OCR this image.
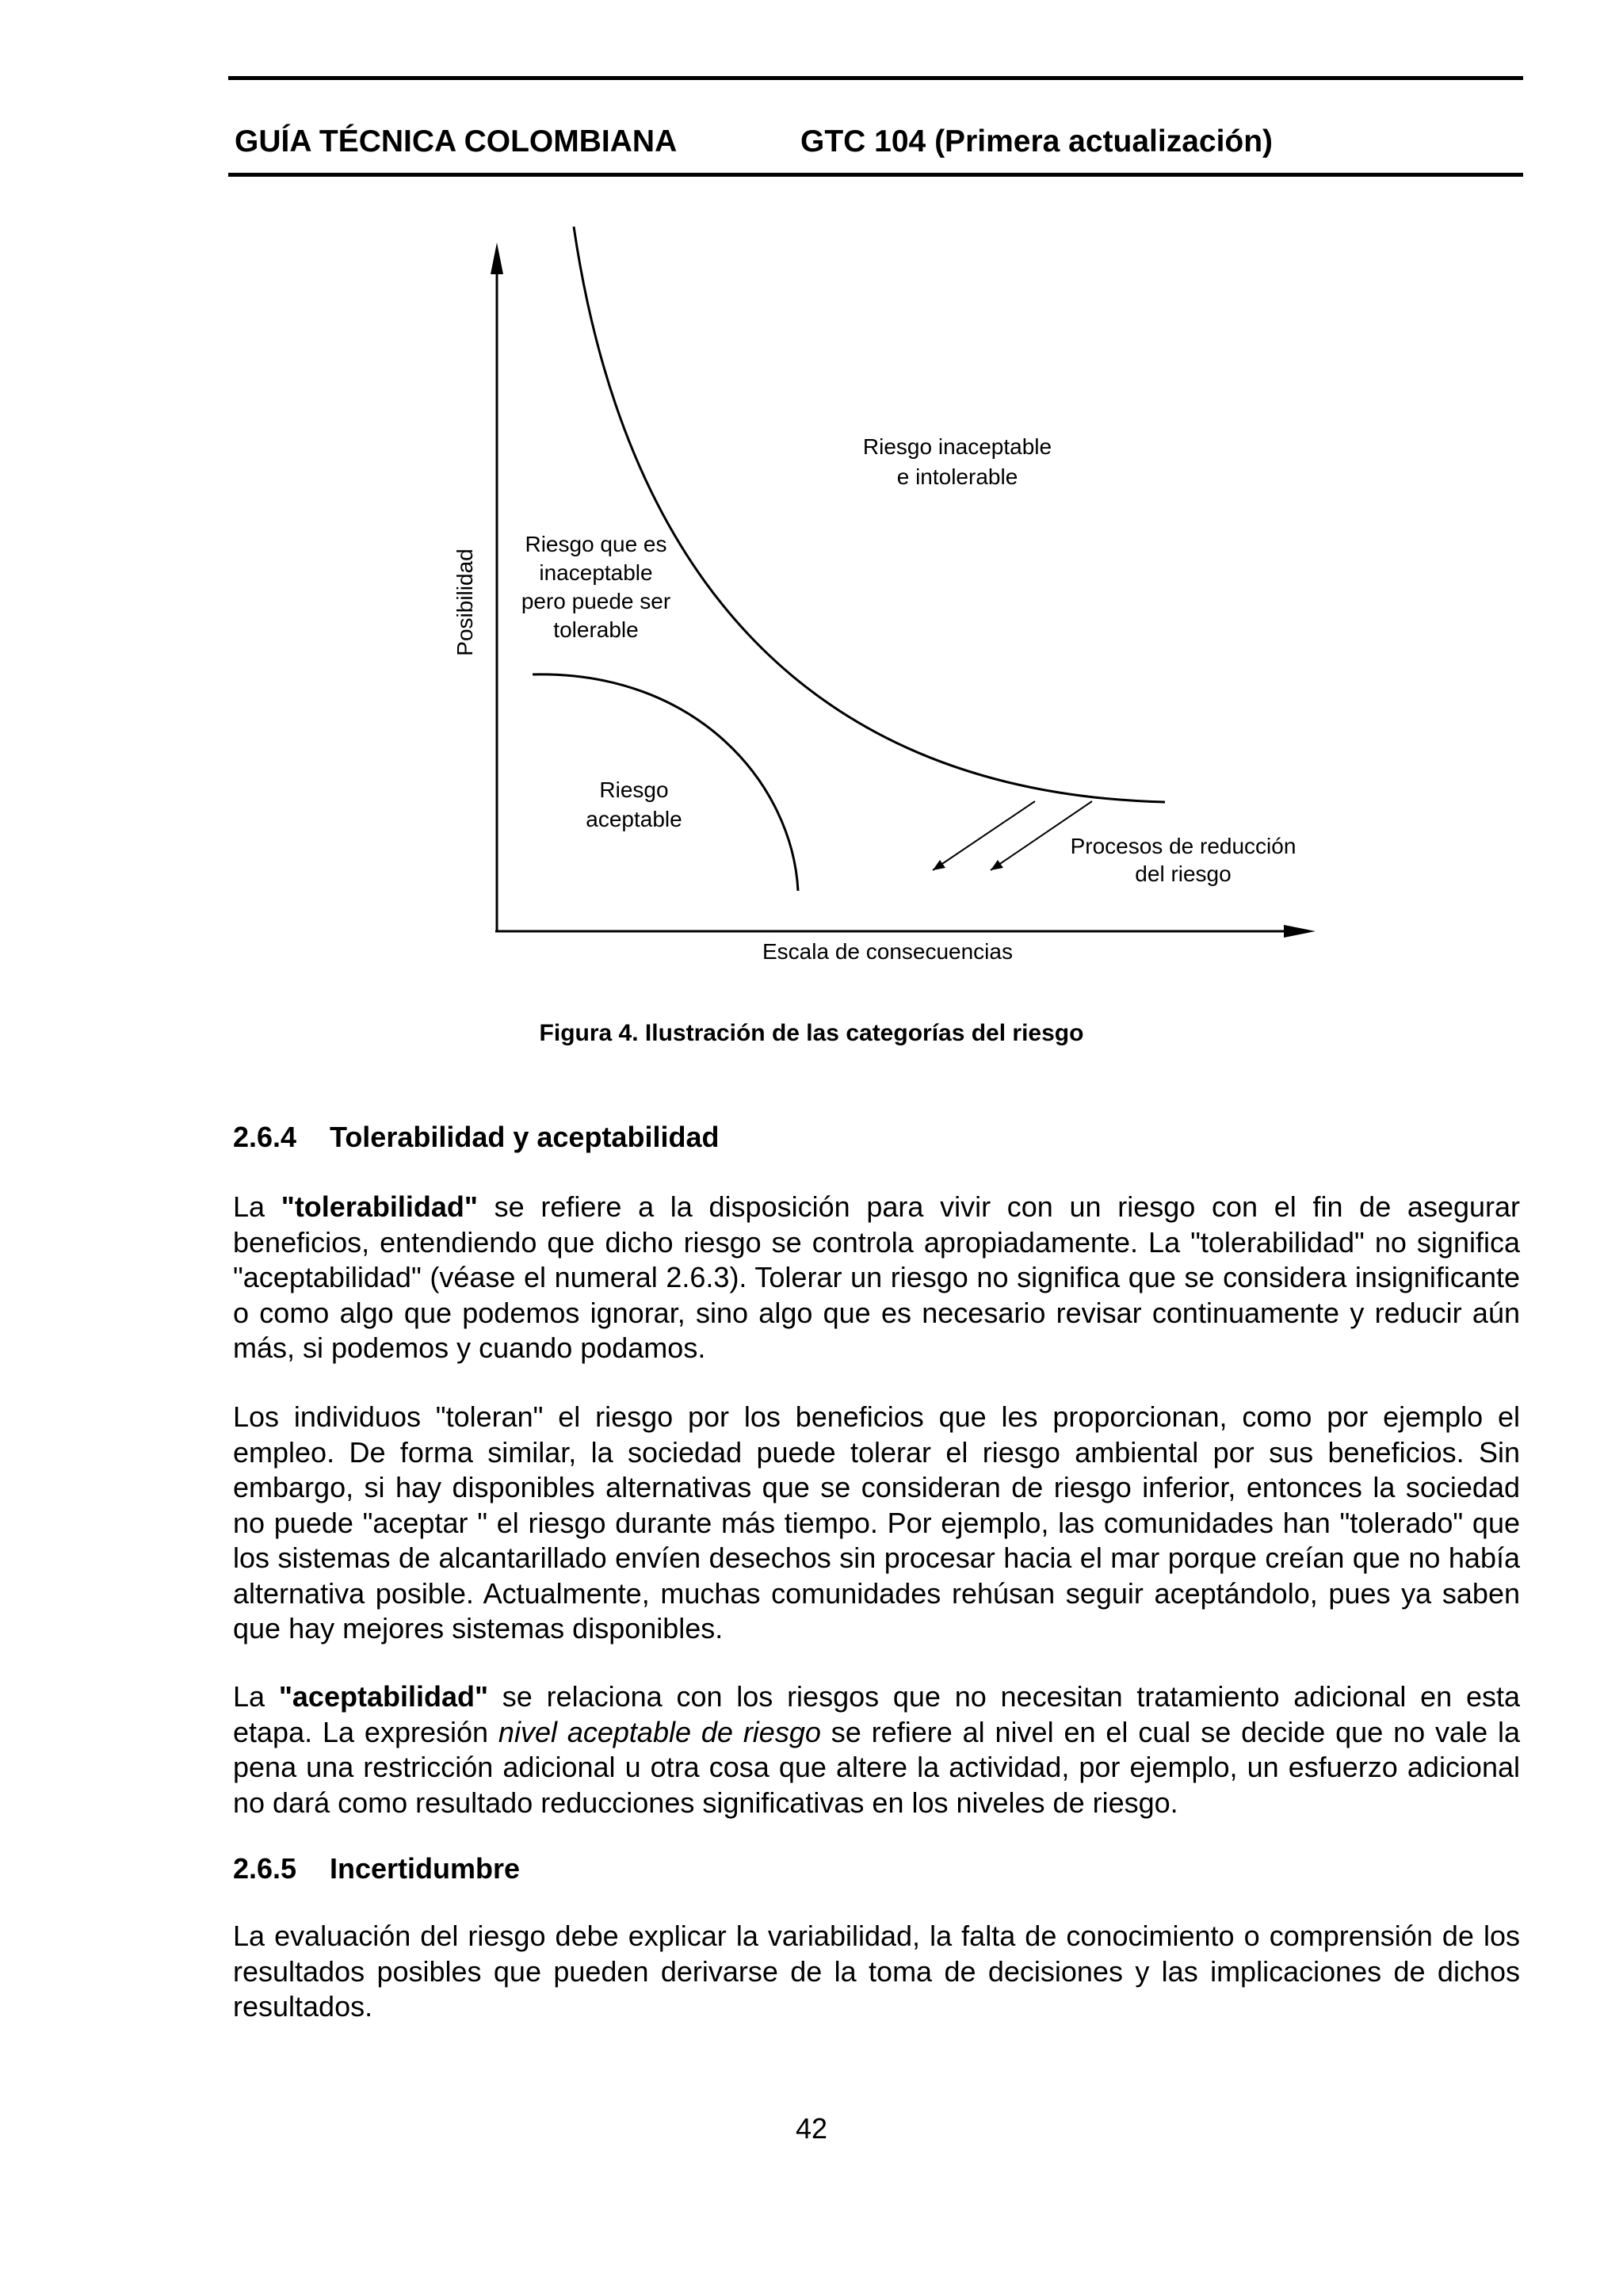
GUÍA TÉCNICA COLOMBIANA	GTC 104 (Primera actualización)
Posibilidad
Riesgo inaceptable
e intolerable
Riesgo que es
inaceptable
pero puede ser
tolerable
Riesgo
aceptable
Procesos de reducción
del riesgo
Escala de consecuencias
Figura 4. Ilustración de las categorías del riesgo
2.6.4 Tolerabilidad y aceptabilidad
La "tolerabilidad" se refiere a la disposición para vivir con un riesgo con el fin de asegurar beneficios, entendiendo que dicho riesgo se controla apropiadamente. La "tolerabilidad" no significa "aceptabilidad" (véase el numeral 2.6.3). Tolerar un riesgo no significa que se considera insignificante o como algo que podemos ignorar, sino algo que es necesario revisar continuamente y reducir aún más, si podemos y cuando podamos.
Los individuos "toleran" el riesgo por los beneficios que les proporcionan, como por ejemplo el empleo. De forma similar, la sociedad puede tolerar el riesgo ambiental por sus beneficios. Sin embargo, si hay disponibles alternativas que se consideran de riesgo inferior, entonces la sociedad no puede "aceptar " el riesgo durante más tiempo. Por ejemplo, las comunidades han "tolerado" que los sistemas de alcantarillado envíen desechos sin procesar hacia el mar porque creían que no había alternativa posible. Actualmente, muchas comunidades rehúsan seguir aceptándolo, pues ya saben que hay mejores sistemas disponibles.
La "aceptabilidad" se relaciona con los riesgos que no necesitan tratamiento adicional en esta etapa. La expresión nivel aceptable de riesgo se refiere al nivel en el cual se decide que no vale la pena una restricción adicional u otra cosa que altere la actividad, por ejemplo, un esfuerzo adicional no dará como resultado reducciones significativas en los niveles de riesgo.
2.6.5 Incertidumbre
La evaluación del riesgo debe explicar la variabilidad, la falta de conocimiento o comprensión de los resultados posibles que pueden derivarse de la toma de decisiones y las implicaciones de dichos resultados.
42
